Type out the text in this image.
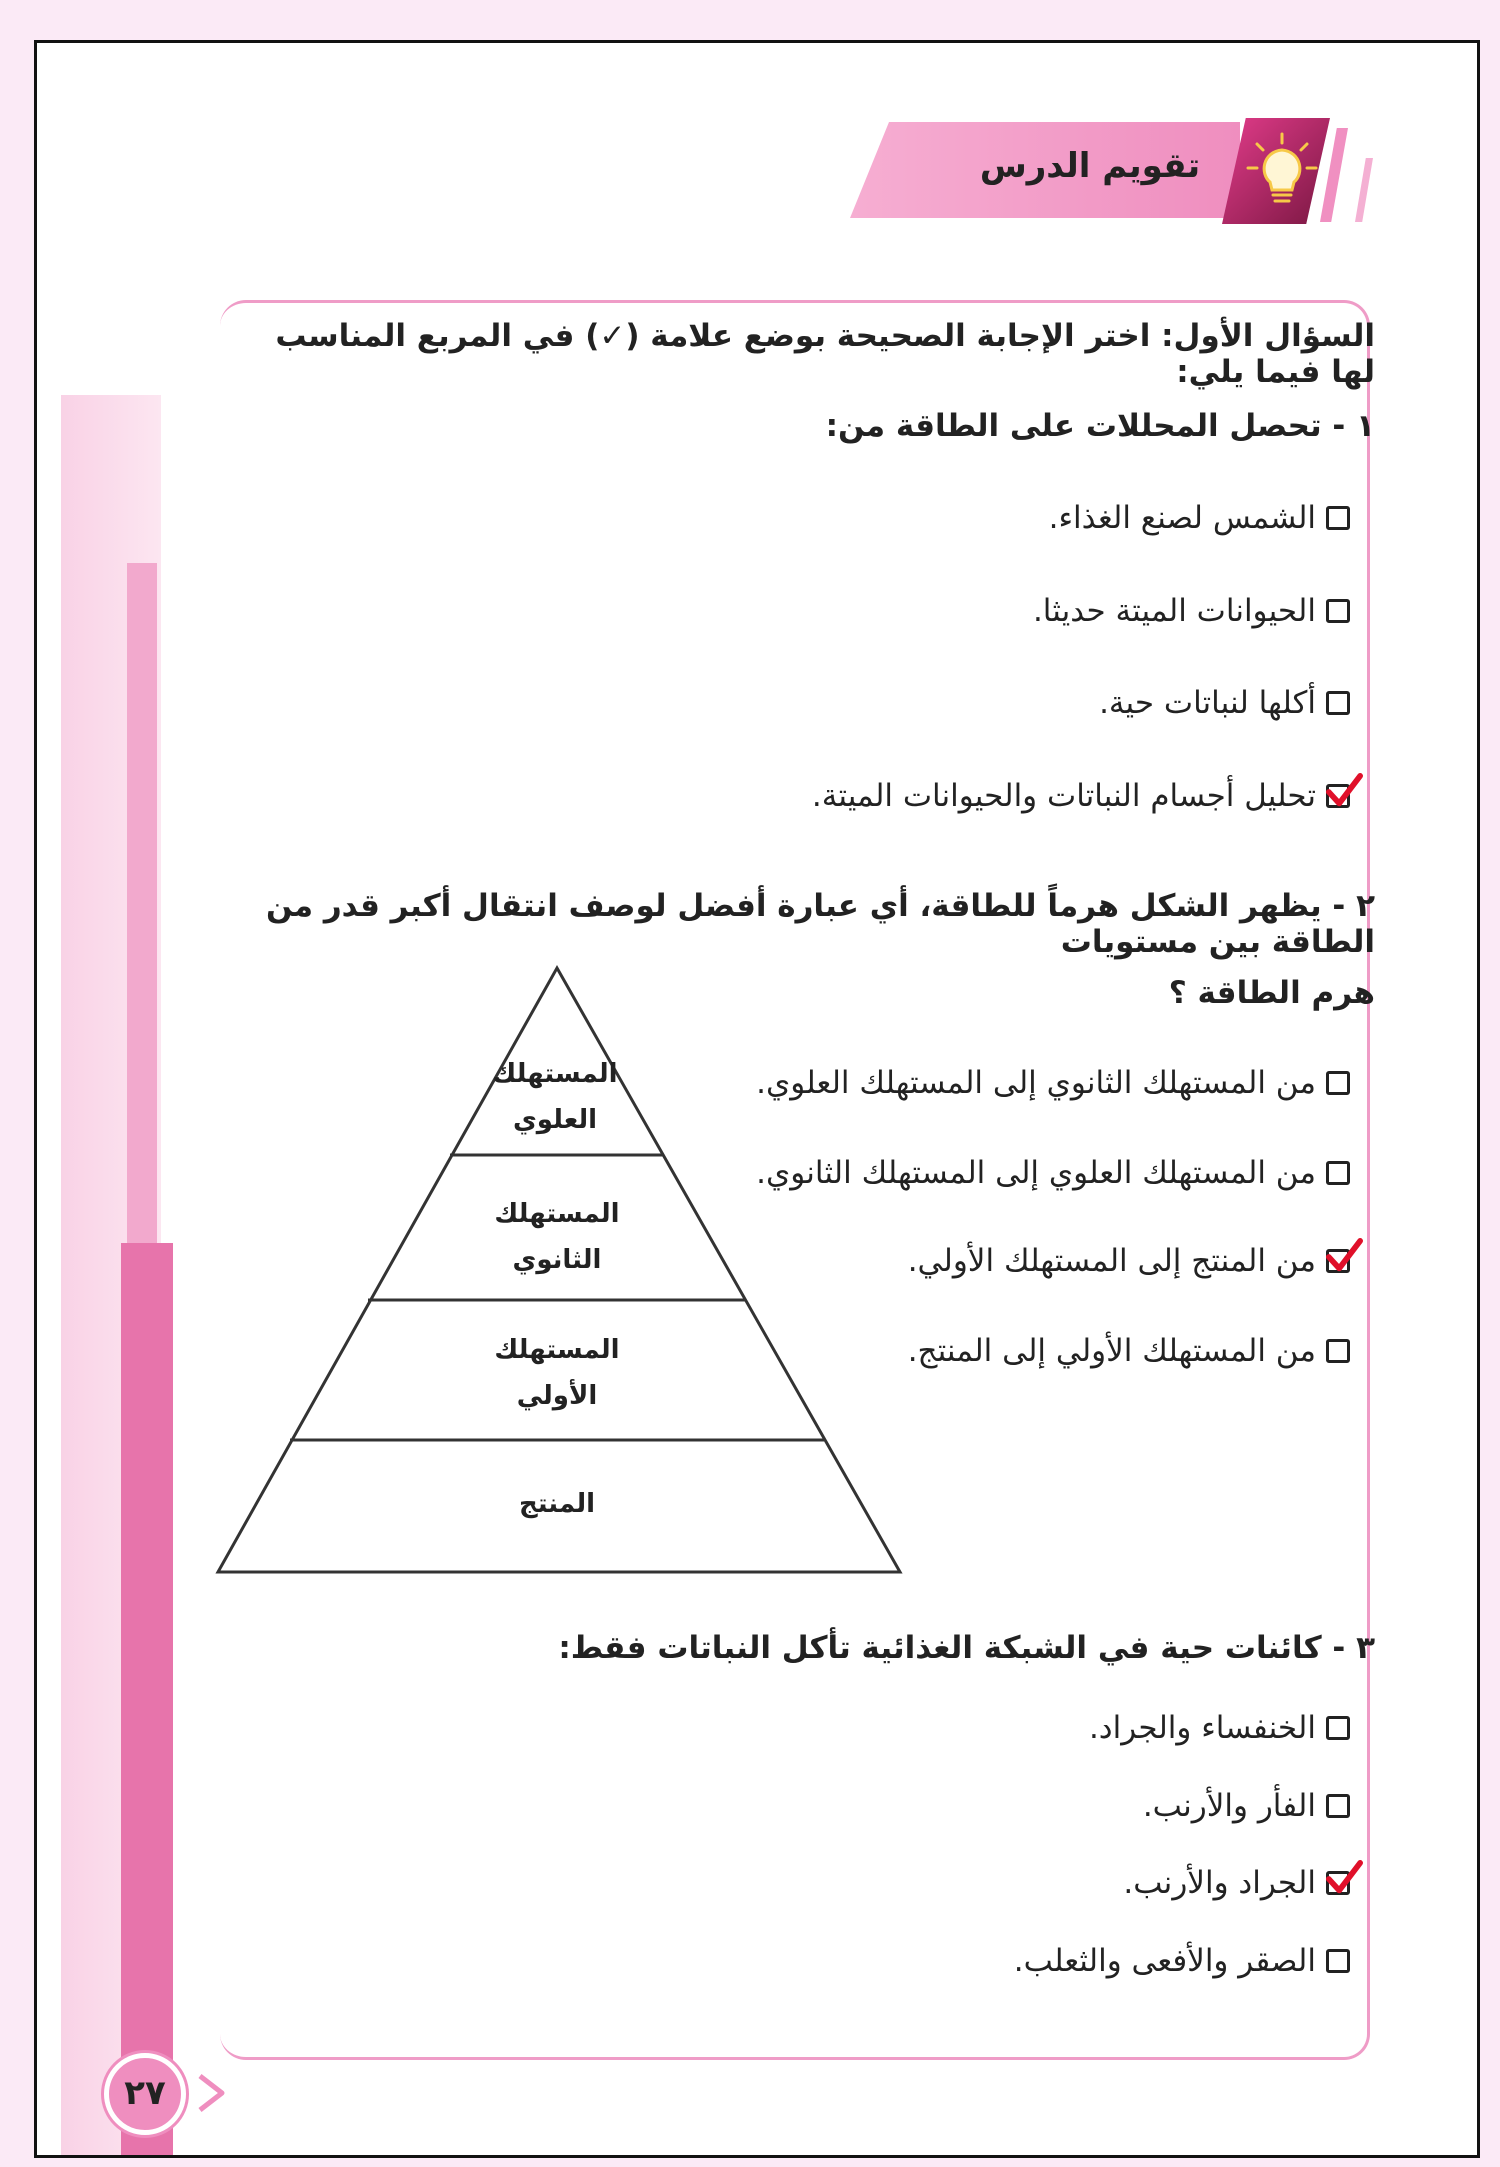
تقويم الدرس
السؤال الأول: اختر الإجابة الصحيحة بوضع علامة (✓) في المربع المناسب لها فيما يلي:
١ - تحصل المحللات على الطاقة من:
الشمس لصنع الغذاء.
الحيوانات الميتة حديثا.
أكلها لنباتات حية.
تحليل أجسام النباتات والحيوانات الميتة.
٢ - يظهر الشكل هرماً للطاقة، أي عبارة أفضل لوصف انتقال أكبر قدر من الطاقة بين مستويات
هرم الطاقة ؟
من المستهلك الثانوي إلى المستهلك العلوي.
من المستهلك العلوي إلى المستهلك الثانوي.
من المنتج إلى المستهلك الأولي.
من المستهلك الأولي إلى المنتج.
المستهلك
العلوي
المستهلك
الثانوي
المستهلك
الأولي
المنتج
٣ - كائنات حية في الشبكة الغذائية تأكل النباتات فقط:
الخنفساء والجراد.
الفأر والأرنب.
الجراد والأرنب.
الصقر والأفعى والثعلب.
٢٧
